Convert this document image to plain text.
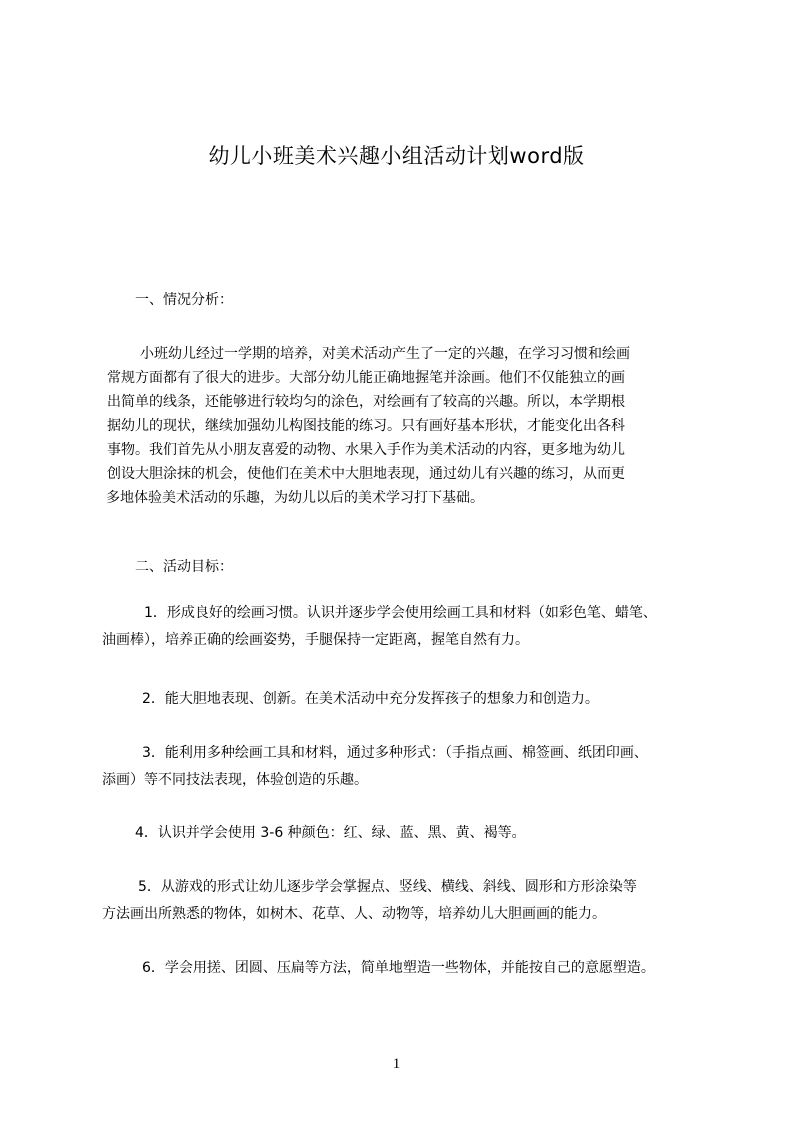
幼儿小班美术兴趣小组活动计划word版
一、情况分析：
小班幼儿经过一学期的培养，对美术活动产生了一定的兴趣，在学习习惯和绘画
常规方面都有了很大的进步。大部分幼儿能正确地握笔并涂画。他们不仅能独立的画
出简单的线条，还能够进行较均匀的涂色，对绘画有了较高的兴趣。所以，本学期根
据幼儿的现状，继续加强幼儿构图技能的练习。只有画好基本形状，才能变化出各科
事物。我们首先从小朋友喜爱的动物、水果入手作为美术活动的内容，更多地为幼儿
创设大胆涂抹的机会，使他们在美术中大胆地表现，通过幼儿有兴趣的练习，从而更
多地体验美术活动的乐趣，为幼儿以后的美术学习打下基础。
二、活动目标：
1．形成良好的绘画习惯。认识并逐步学会使用绘画工具和材料（如彩色笔、蜡笔、
油画棒），培养正确的绘画姿势，手腿保持一定距离，握笔自然有力。
2．能大胆地表现、创新。在美术活动中充分发挥孩子的想象力和创造力。
3．能利用多种绘画工具和材料，通过多种形式：（手指点画、棉签画、纸团印画、
添画）等不同技法表现，体验创造的乐趣。
4．认识并学会使用 3-6 种颜色：红、绿、蓝、黑、黄、褐等。
5．从游戏的形式让幼儿逐步学会掌握点、竖线、横线、斜线、圆形和方形涂染等
方法画出所熟悉的物体，如树木、花草、人、动物等，培养幼儿大胆画画的能力。
6．学会用搓、团圆、压扁等方法，简单地塑造一些物体，并能按自己的意愿塑造。
1
